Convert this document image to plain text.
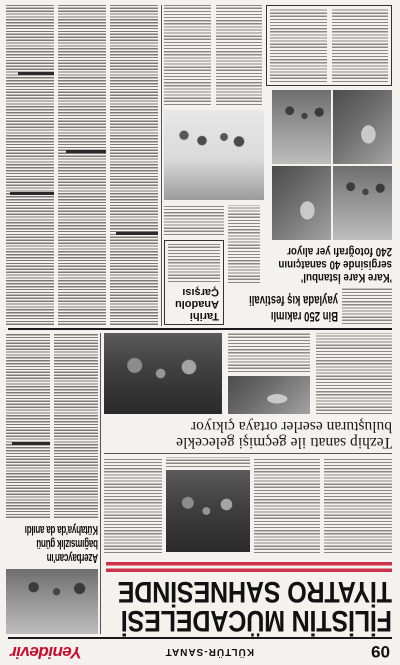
09
KÜLTÜR-SANAT
Yenidevir
FİLİSTİN MÜCADELESİ
TİYATRO SAHNESİNDE
Tezhip sanatı ile geçmişi gelecekle
buluşturan eserler ortaya çıkıyor
Azerbaycan'ın
bağımsızlık günü
Kütahya'da da anıldı
Bin 250 rakımlı
yaylada kış festivali
'Kare Kare İstanbul'
sergisinde 40 sanatçının
240 fotoğrafı yer alıyor
Tarihi
Anadolu
Çarşısı
